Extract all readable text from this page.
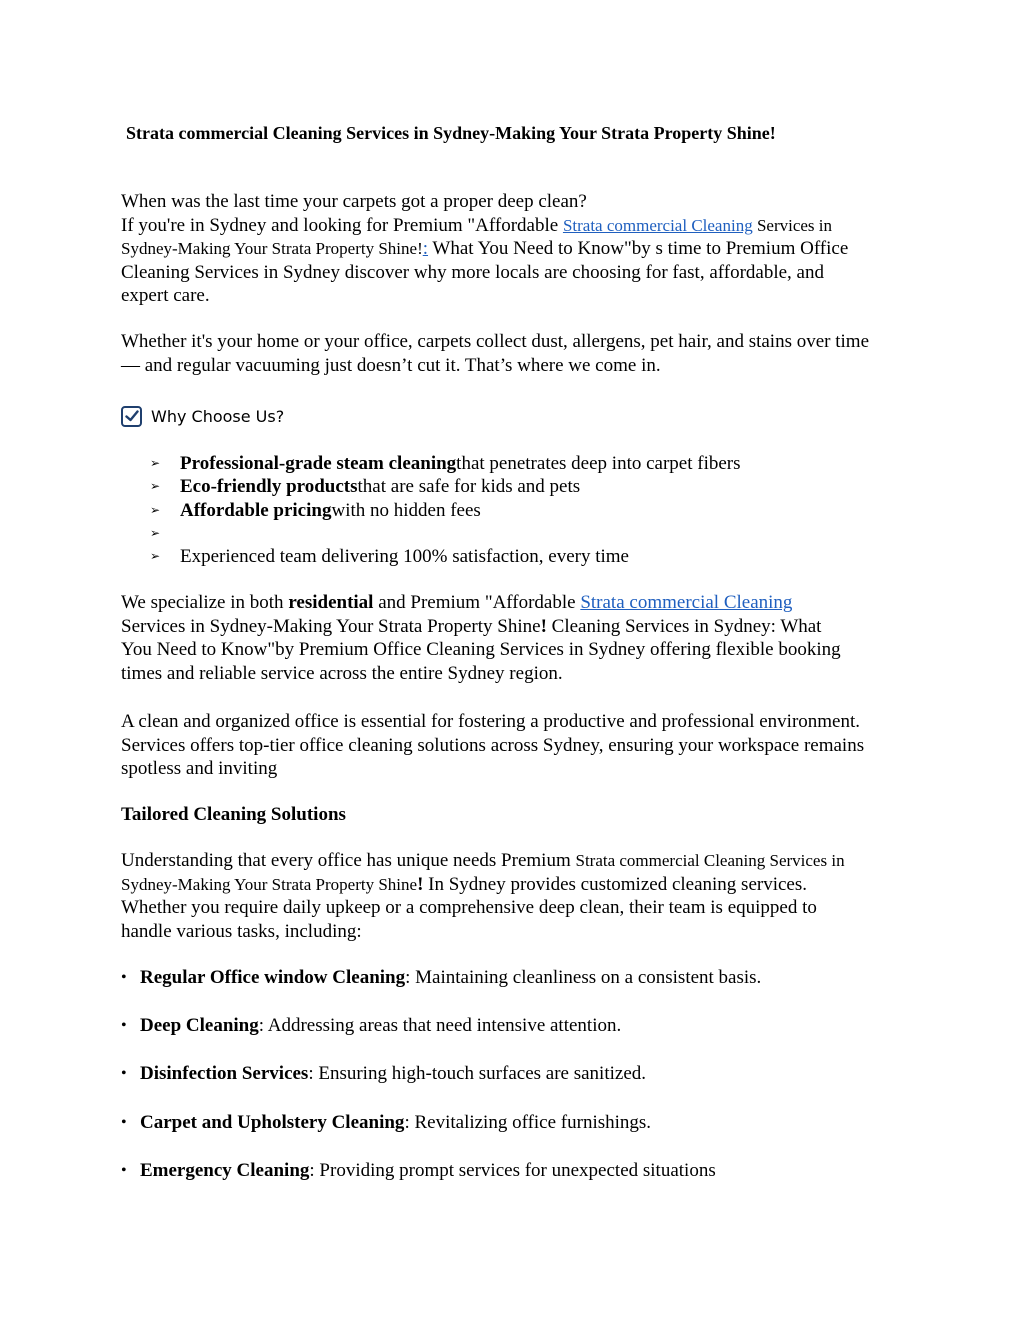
Strata commercial Cleaning Services in Sydney-Making Your Strata Property Shine!
When was the last time your carpets got a proper deep clean?
If you're in Sydney and looking for Premium "Affordable Strata commercial Cleaning Services in
Sydney-Making Your Strata Property Shine!: What You Need to Know"by s time to Premium Office
Cleaning Services in Sydney discover why more locals are choosing for fast, affordable, and
expert care.
Whether it's your home or your office, carpets collect dust, allergens, pet hair, and stains over time — and regular vacuuming just doesn’t cut it. That’s where we come in.
Why Choose Us?
➢	Professional-grade steam cleaning that penetrates deep into carpet fibers
➢	Eco-friendly products that are safe for kids and pets
➢	Affordable pricing with no hidden fees
➢
➢	Experienced team delivering 100% satisfaction, every time
We specialize in both residential and Premium "Affordable Strata commercial Cleaning
Services in Sydney-Making Your Strata Property Shine! Cleaning Services in Sydney: What
You Need to Know"by Premium Office Cleaning Services in Sydney offering flexible booking
times and reliable service across the entire Sydney region.
A clean and organized office is essential for fostering a productive and professional environment. Services offers top-tier office cleaning solutions across Sydney, ensuring your workspace remains spotless and inviting
Tailored Cleaning Solutions
Understanding that every office has unique needs Premium Strata commercial Cleaning Services in
Sydney-Making Your Strata Property Shine! In Sydney provides customized cleaning services.
Whether you require daily upkeep or a comprehensive deep clean, their team is equipped to
handle various tasks, including:
• Regular Office window Cleaning : Maintaining cleanliness on a consistent basis.
• Deep Cleaning : Addressing areas that need intensive attention.
• Disinfection Services : Ensuring high-touch surfaces are sanitized.
• Carpet and Upholstery Cleaning : Revitalizing office furnishings.
• Emergency Cleaning : Providing prompt services for unexpected situations
